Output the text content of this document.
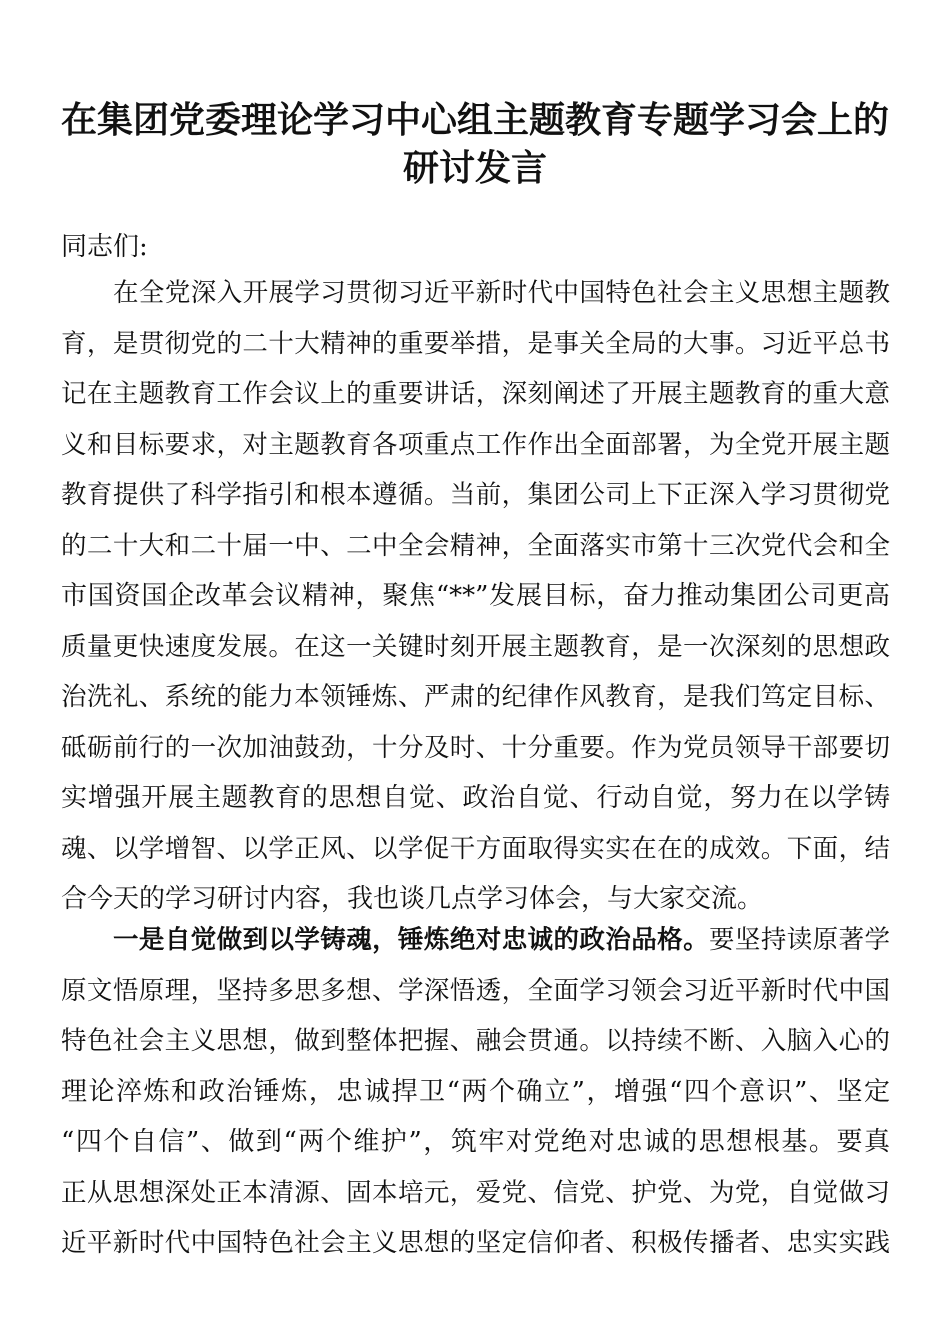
在集团党委理论学习中心组主题教育专题学习会上的
研讨发言
同志们:
在全党深入开展学习贯彻习近平新时代中国特色社会主义思想主题教
育，是贯彻党的二十大精神的重要举措，是事关全局的大事。习近平总书
记在主题教育工作会议上的重要讲话，深刻阐述了开展主题教育的重大意
义和目标要求，对主题教育各项重点工作作出全面部署，为全党开展主题
教育提供了科学指引和根本遵循。当前，集团公司上下正深入学习贯彻党
的二十大和二十届一中、二中全会精神，全面落实市第十三次党代会和全
市国资国企改革会议精神，聚焦“**”发展目标，奋力推动集团公司更高
质量更快速度发展。在这一关键时刻开展主题教育，是一次深刻的思想政
治洗礼、系统的能力本领锤炼、严肃的纪律作风教育，是我们笃定目标、
砥砺前行的一次加油鼓劲，十分及时、十分重要。作为党员领导干部要切
实增强开展主题教育的思想自觉、政治自觉、行动自觉，努力在以学铸
魂、以学增智、以学正风、以学促干方面取得实实在在的成效。下面，结
合今天的学习研讨内容，我也谈几点学习体会，与大家交流。
一是自觉做到以学铸魂，锤炼绝对忠诚的政治品格。要坚持读原著学
原文悟原理，坚持多思多想、学深悟透，全面学习领会习近平新时代中国
特色社会主义思想，做到整体把握、融会贯通。以持续不断、入脑入心的
理论淬炼和政治锤炼，忠诚捍卫“两个确立”，增强“四个意识”、坚定
“四个自信”、做到“两个维护”，筑牢对党绝对忠诚的思想根基。要真
正从思想深处正本清源、固本培元，爱党、信党、护党、为党，自觉做习
近平新时代中国特色社会主义思想的坚定信仰者、积极传播者、忠实实践
